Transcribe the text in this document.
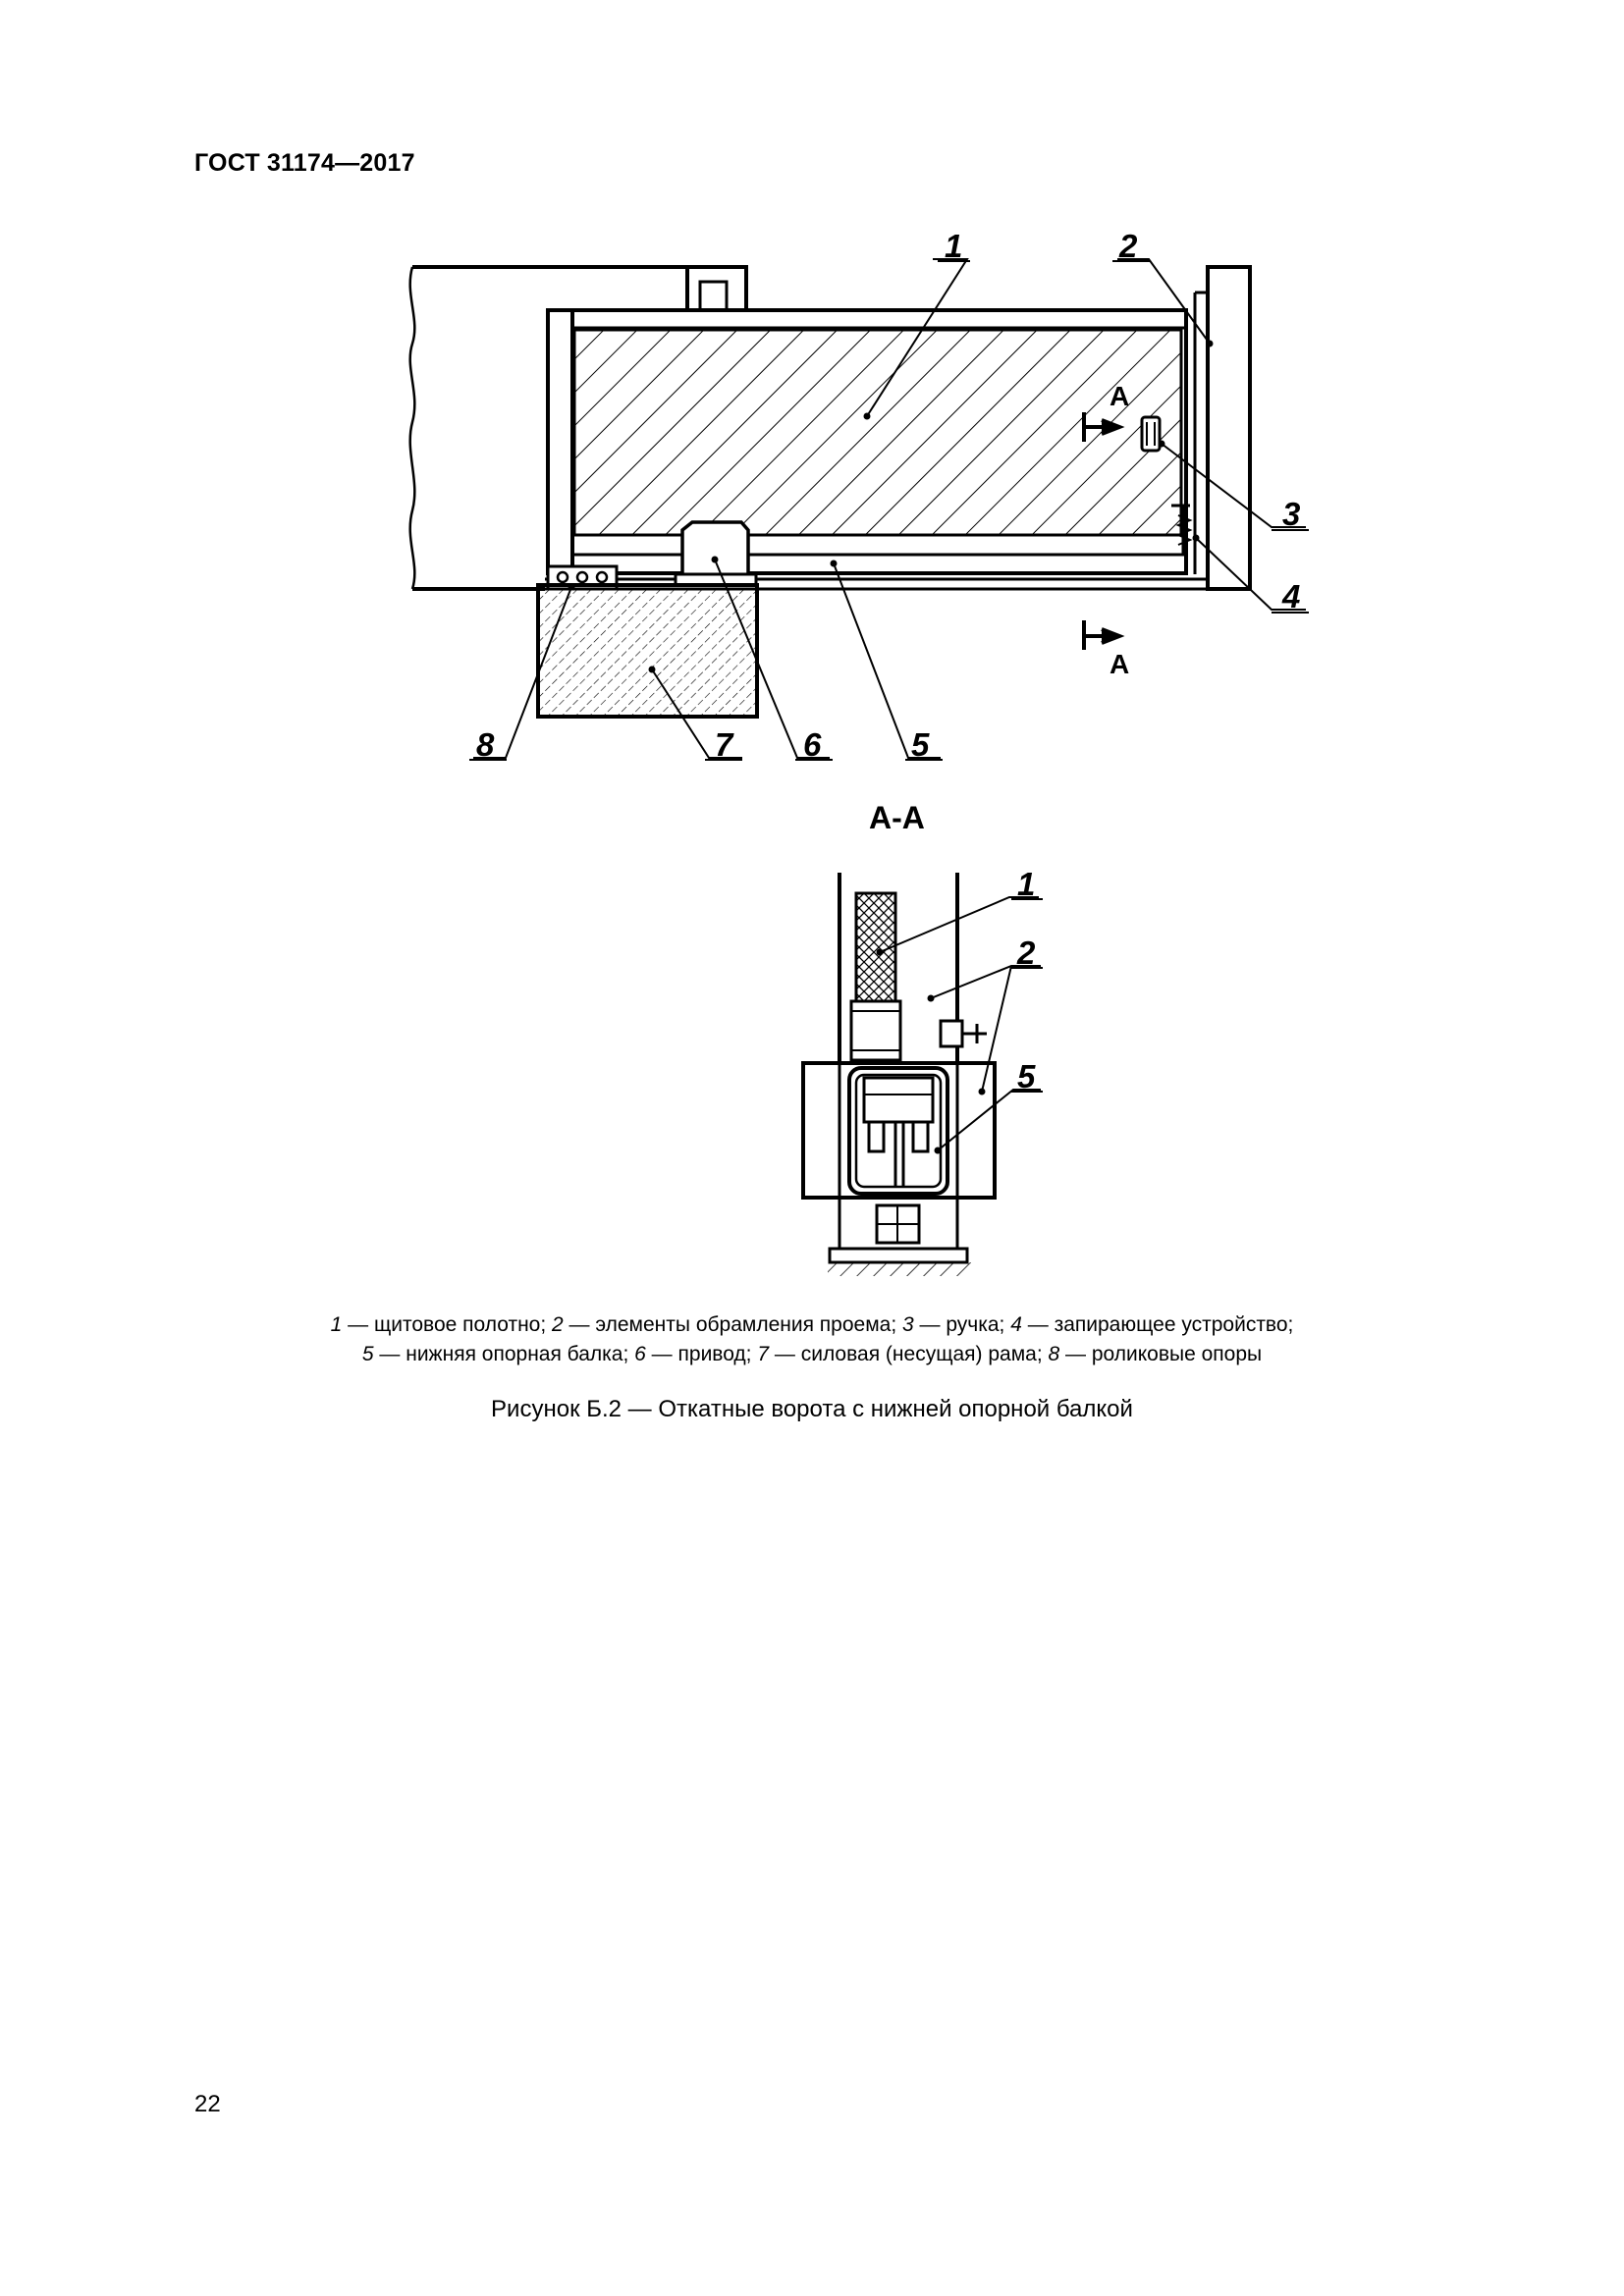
ГОСТ 31174—2017
А
А
1	2
3
4
5
6
7
8
А-А
1
2
5
1 — щитовое полотно; 2 — элементы обрамления проема; 3 — ручка; 4 — запирающее устройство;
5 — нижняя опорная балка; 6 — привод; 7 — силовая (несущая) рама; 8 — роликовые опоры
Рисунок Б.2 — Откатные ворота с нижней опорной балкой
22
